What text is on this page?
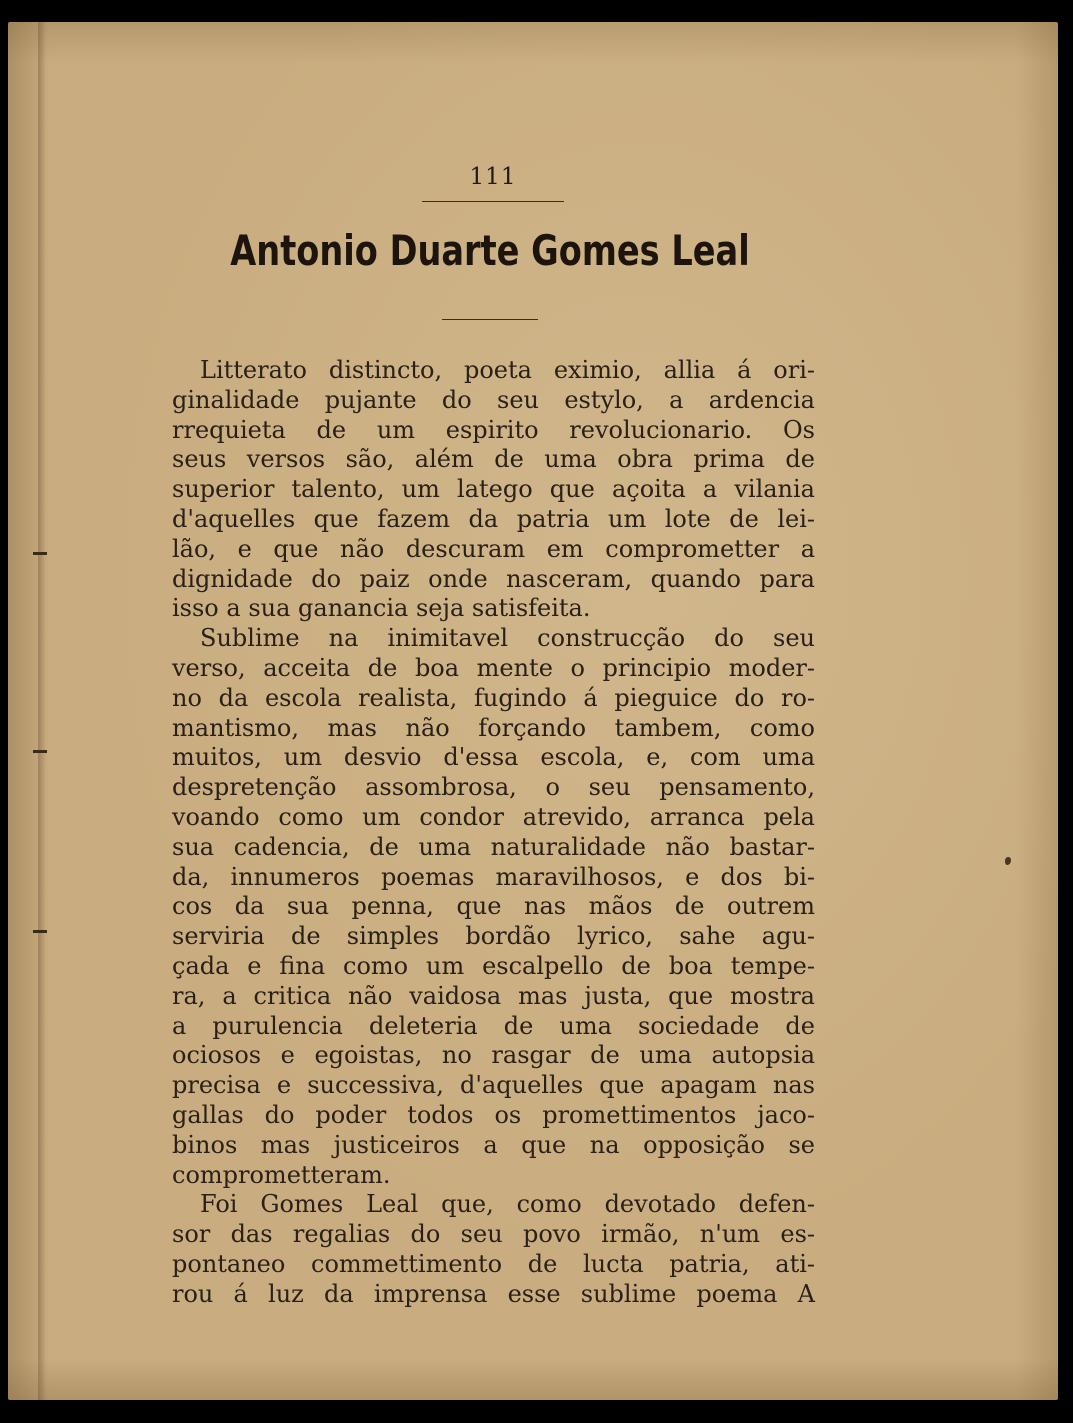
111
Antonio Duarte Gomes Leal
Litterato distincto, poeta eximio, allia á ori-
ginalidade pujante do seu estylo, a ardencia
rrequieta de um espirito revolucionario. Os
seus versos são, além de uma obra prima de
superior talento, um latego que açoita a vilania
d'aquelles que fazem da patria um lote de lei-
lão, e que não descuram em comprometter a
dignidade do paiz onde nasceram, quando para
isso a sua ganancia seja satisfeita.
Sublime na inimitavel construcção do seu
verso, acceita de boa mente o principio moder-
no da escola realista, fugindo á pieguice do ro-
mantismo, mas não forçando tambem, como
muitos, um desvio d'essa escola, e, com uma
despretenção assombrosa, o seu pensamento,
voando como um condor atrevido, arranca pela
sua cadencia, de uma naturalidade não bastar-
da, innumeros poemas maravilhosos, e dos bi-
cos da sua penna, que nas mãos de outrem
serviria de simples bordão lyrico, sahe agu-
çada e fina como um escalpello de boa tempe-
ra, a critica não vaidosa mas justa, que mostra
a purulencia deleteria de uma sociedade de
ociosos e egoistas, no rasgar de uma autopsia
precisa e successiva, d'aquelles que apagam nas
gallas do poder todos os promettimentos jaco-
binos mas justiceiros a que na opposição se
comprometteram.
Foi Gomes Leal que, como devotado defen-
sor das regalias do seu povo irmão, n'um es-
pontaneo commettimento de lucta patria, ati-
rou á luz da imprensa esse sublime poema A
